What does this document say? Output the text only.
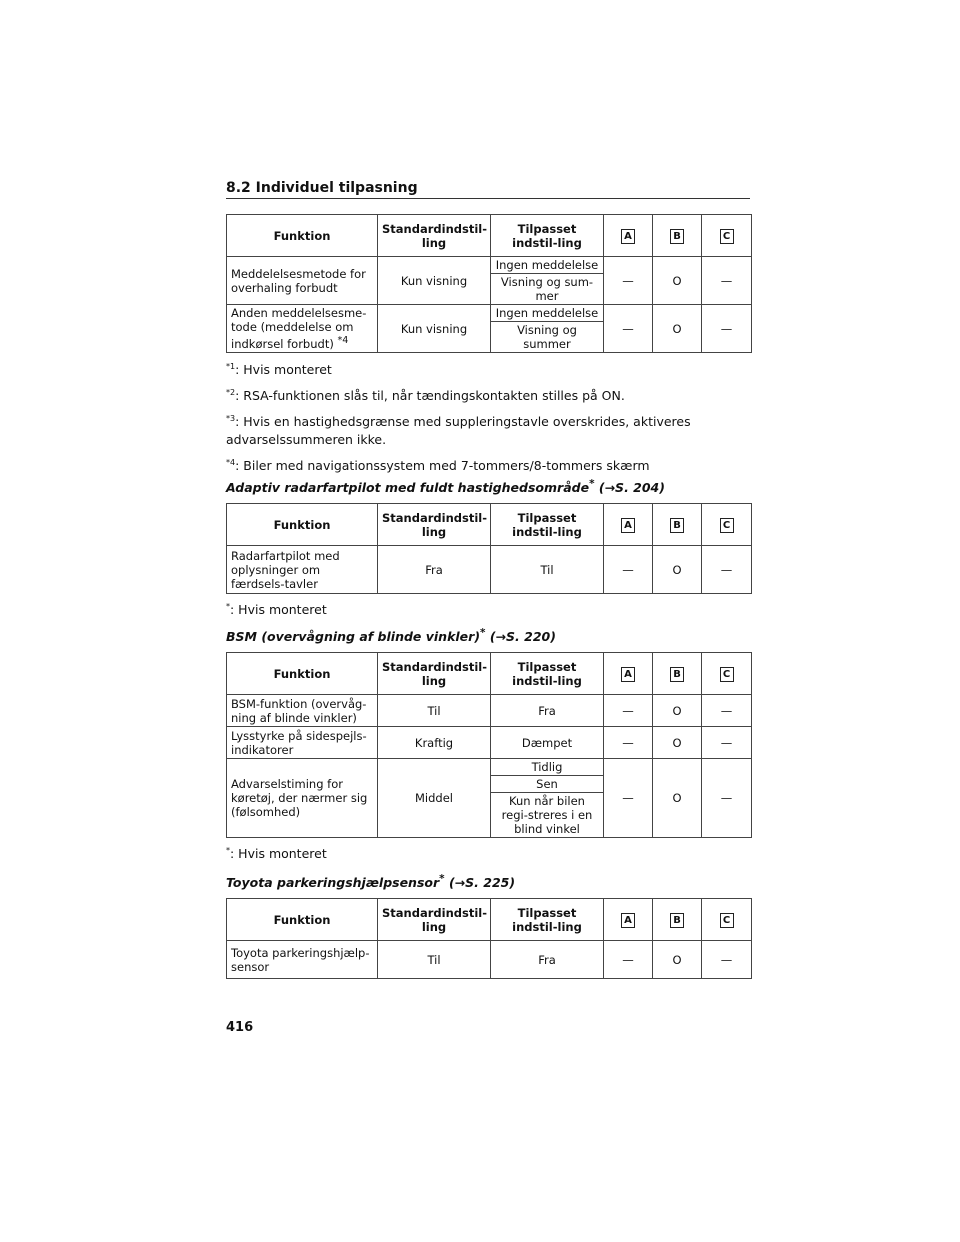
8.2 Individuel tilpasning
Funktion	Standardindstil-ling	Tilpasset indstil-ling	A	B	C
Meddelelsesmetode for overhaling forbudt	Kun visning	Ingen meddelelse	—	O	—
		Visning og sum-mer			
Anden meddelelsesme-tode (meddelelse om indkørsel forbudt) $^{*4}$	Kun visning	Ingen meddelelse	—	O	—
		Visning og summer			

$^{*1}$: Hvis monteret

$^{*2}$: RSA-funktionen slås til, når tændingskontakten stilles på ON.

$^{*3}$: Hvis en hastighedsgrænse med suppleringstavle overskrides, aktiveres advarselssummeren ikke.

$^{*4}$: Biler med navigationssystem med 7-tommers/8-tommers skærm

Adaptiv radarfartpilot med fuldt hastighedsområde* (→S. 204)
Funktion	Standardindstil-ling	Tilpasset indstil-ling	A	B	C
Radarfartpilot med oplysninger om færdsels-tavler	Fra	Til	—	O	—

*: Hvis monteret

BSM (overvågning af blinde vinkler)* (→S. 220)
Funktion	Standardindstil-ling	Tilpasset indstil-ling	A	B	C
BSM-funktion (overvåg-ning af blinde vinkler)	Til	Fra	—	O	—
Lysstyrke på sidespejls-indikatorer	Kraftig	Dæmpet	—	O	—
Advarselstiming for køretøj, der nærmer sig (følsomhed)	Middel	Tidlig	—	O	—
		Sen			
		Kun når bilen regi-streres i en blind vinkel			

*: Hvis monteret

Toyota parkeringshjælpsensor* (→S. 225)
Funktion	Standardindstil-ling	Tilpasset indstil-ling	A	B	C
Toyota parkeringshjælp-sensor	Til	Fra	—	O	—
416
